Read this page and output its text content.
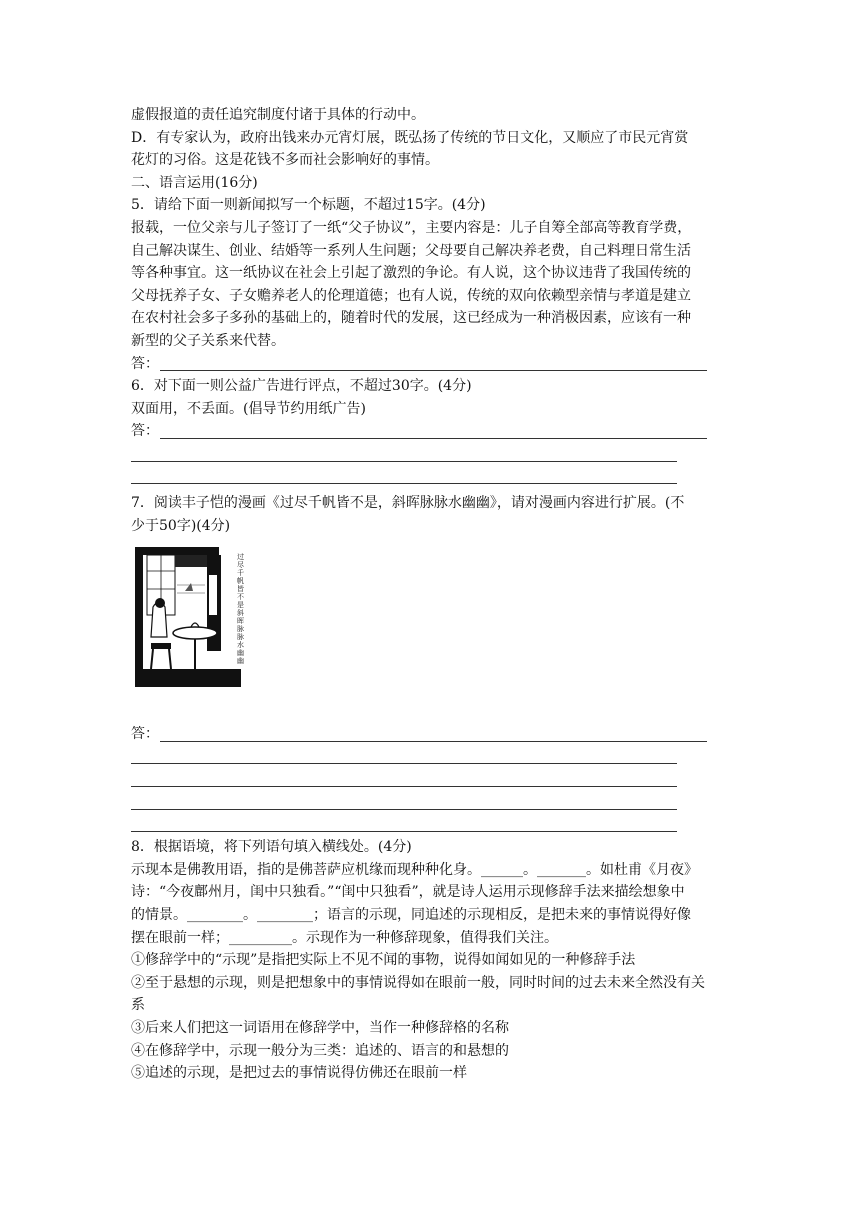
虚假报道的责任追究制度付诸于具体的行动中。
D．有专家认为，政府出钱来办元宵灯展，既弘扬了传统的节日文化，又顺应了市民元宵赏
花灯的习俗。这是花钱不多而社会影响好的事情。
二、语言运用(16分)
5．请给下面一则新闻拟写一个标题，不超过15字。(4分)
报载，一位父亲与儿子签订了一纸“父子协议”，主要内容是：儿子自筹全部高等教育学费，
自己解决谋生、创业、结婚等一系列人生问题；父母要自己解决养老费，自己料理日常生活
等各种事宜。这一纸协议在社会上引起了激烈的争论。有人说，这个协议违背了我国传统的
父母抚养子女、子女赡养老人的伦理道德；也有人说，传统的双向依赖型亲情与孝道是建立
在农村社会多子多孙的基础上的，随着时代的发展，这已经成为一种消极因素，应该有一种
新型的父子关系来代替。
答：
6．对下面一则公益广告进行评点，不超过30字。(4分)
双面用，不丢面。(倡导节约用纸广告)
答：
7．阅读丰子恺的漫画《过尽千帆皆不是，斜晖脉脉水幽幽》，请对漫画内容进行扩展。(不
少于50字)(4分)
过
尽
千
帆
皆
不
是
斜
晖
脉
脉
水
幽
幽
答：
8．根据语境，将下列语句填入横线处。(4分)
示现本是佛教用语，指的是佛菩萨应机缘而现种种化身。______。_______。如杜甫《月夜》
诗：“今夜鄜州月，闺中只独看。”“闺中只独看”，就是诗人运用示现修辞手法来描绘想象中
的情景。________。________；语言的示现，同追述的示现相反，是把未来的事情说得好像
摆在眼前一样；_________。示现作为一种修辞现象，值得我们关注。
①修辞学中的“示现”是指把实际上不见不闻的事物，说得如闻如见的一种修辞手法
②至于悬想的示现，则是把想象中的事情说得如在眼前一般，同时时间的过去未来全然没有关
系
③后来人们把这一词语用在修辞学中，当作一种修辞格的名称
④在修辞学中，示现一般分为三类：追述的、语言的和悬想的
⑤追述的示现，是把过去的事情说得仿佛还在眼前一样
